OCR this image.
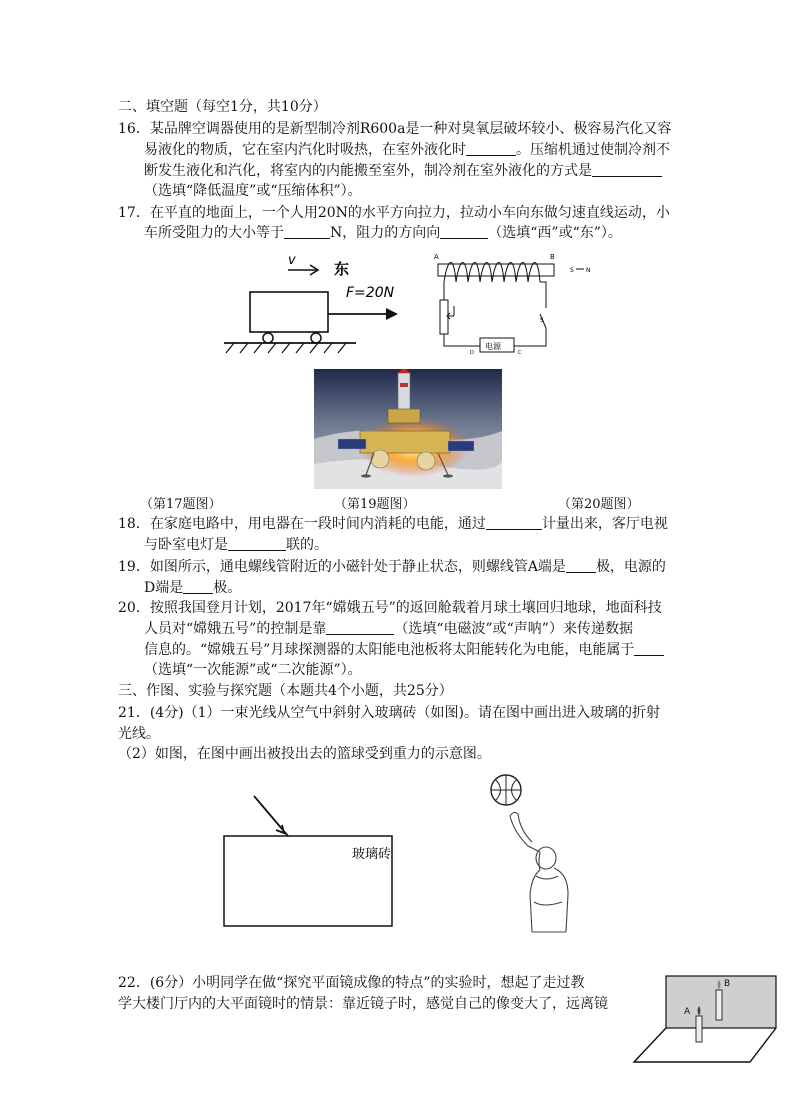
二、填空题（每空1分，共10分）
16．某品牌空调器使用的是新型制冷剂R600a是一种对臭氧层破坏较小、极容易汽化又容
易液化的物质，它在室内汽化时吸热，在室外液化时	。压缩机通过使制冷剂不
断发生液化和汽化，将室内的内能搬至室外，制冷剂在室外液化的方式是
（选填“降低温度”或“压缩体积”）。
17．在平直的地面上，一个人用20N的水平方向拉力，拉动小车向东做匀速直线运动，小
车所受阻力的大小等于	N，阻力的方向向	（选填“西”或“东”）。
v	东
F=20N
A	B
S N
D
电源
C
S
（第17题图）	（第19题图）	（第20题图）
18．在家庭电路中，用电器在一段时间内消耗的电能，通过	计量出来，客厅电视
与卧室电灯是	联的。
19．如图所示，通电螺线管附近的小磁针处于静止状态，则螺线管A端是 极，电源的
D端是 极。
20．按照我国登月计划，2017年“嫦娥五号”的返回舱载着月球土壤回归地球，地面科技
人员对“嫦娥五号”的控制是靠	（选填“电磁波”或“声呐”）来传递数据
信息的。“嫦娥五号”月球探测器的太阳能电池板将太阳能转化为电能，电能属于
（选填“一次能源”或“二次能源”）。
三、作图、实验与探究题（本题共4个小题，共25分）
21．(4分)（1）一束光线从空气中斜射入玻璃砖（如图)。请在图中画出进入玻璃的折射
光线。
（2）如图，在图中画出被投出去的篮球受到重力的示意图。
玻璃砖
22．(6分）小明同学在做“探究平面镜成像的特点”的实验时，想起了走过教
学大楼门厅内的大平面镜时的情景：靠近镜子时，感觉自己的像变大了，远离镜
B
A
